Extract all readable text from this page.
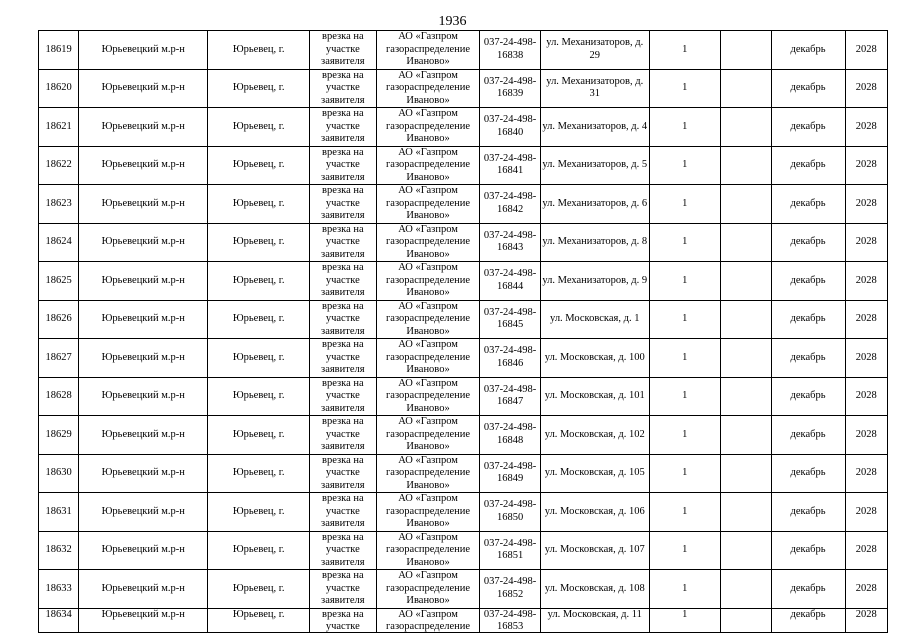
1936
18619	Юрьевецкий м.р-н	Юрьевец, г.	врезка на участке заявителя	АО «Газпром газораспределение Иваново»	037-24-498-16838	ул. Механизаторов, д. 29	1		декабрь	2028

18620	Юрьевецкий м.р-н	Юрьевец, г.	врезка на участке заявителя	АО «Газпром газораспределение Иваново»	037-24-498-16839	ул. Механизаторов, д. 31	1		декабрь	2028

18621	Юрьевецкий м.р-н	Юрьевец, г.	врезка на участке заявителя	АО «Газпром газораспределение Иваново»	037-24-498-16840	ул. Механизаторов, д. 4	1		декабрь	2028

18622	Юрьевецкий м.р-н	Юрьевец, г.	врезка на участке заявителя	АО «Газпром газораспределение Иваново»	037-24-498-16841	ул. Механизаторов, д. 5	1		декабрь	2028

18623	Юрьевецкий м.р-н	Юрьевец, г.	врезка на участке заявителя	АО «Газпром газораспределение Иваново»	037-24-498-16842	ул. Механизаторов, д. 6	1		декабрь	2028

18624	Юрьевецкий м.р-н	Юрьевец, г.	врезка на участке заявителя	АО «Газпром газораспределение Иваново»	037-24-498-16843	ул. Механизаторов, д. 8	1		декабрь	2028

18625	Юрьевецкий м.р-н	Юрьевец, г.	врезка на участке заявителя	АО «Газпром газораспределение Иваново»	037-24-498-16844	ул. Механизаторов, д. 9	1		декабрь	2028

18626	Юрьевецкий м.р-н	Юрьевец, г.	врезка на участке заявителя	АО «Газпром газораспределение Иваново»	037-24-498-16845	ул. Московская, д. 1	1		декабрь	2028

18627	Юрьевецкий м.р-н	Юрьевец, г.	врезка на участке заявителя	АО «Газпром газораспределение Иваново»	037-24-498-16846	ул. Московская, д. 100	1		декабрь	2028

18628	Юрьевецкий м.р-н	Юрьевец, г.	врезка на участке заявителя	АО «Газпром газораспределение Иваново»	037-24-498-16847	ул. Московская, д. 101	1		декабрь	2028

18629	Юрьевецкий м.р-н	Юрьевец, г.	врезка на участке заявителя	АО «Газпром газораспределение Иваново»	037-24-498-16848	ул. Московская, д. 102	1		декабрь	2028

18630	Юрьевецкий м.р-н	Юрьевец, г.	врезка на участке заявителя	АО «Газпром газораспределение Иваново»	037-24-498-16849	ул. Московская, д. 105	1		декабрь	2028

18631	Юрьевецкий м.р-н	Юрьевец, г.	врезка на участке заявителя	АО «Газпром газораспределение Иваново»	037-24-498-16850	ул. Московская, д. 106	1		декабрь	2028

18632	Юрьевецкий м.р-н	Юрьевец, г.	врезка на участке заявителя	АО «Газпром газораспределение Иваново»	037-24-498-16851	ул. Московская, д. 107	1		декабрь	2028

18633	Юрьевецкий м.р-н	Юрьевец, г.	врезка на участке заявителя	АО «Газпром газораспределение Иваново»	037-24-498-16852	ул. Московская, д. 108	1		декабрь	2028

18634	Юрьевецкий м.р-н	Юрьевец, г.	врезка на участке	АО «Газпром газораспределение	037-24-498-16853	ул. Московская, д. 11	1		декабрь	2028
